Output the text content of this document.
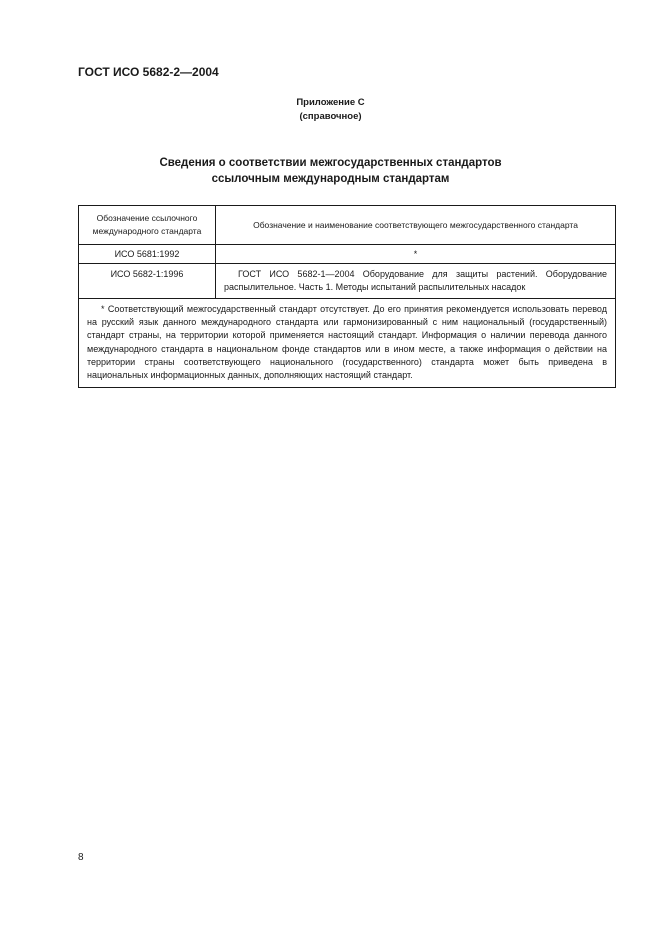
ГОСТ ИСО 5682-2—2004
Приложение С
(справочное)
Сведения о соответствии межгосударственных стандартов
ссылочным международным стандартам
Обозначение ссылочного
международного стандарта	Обозначение и наименование соответствующего межгосударственного стандарта
ИСО 5681:1992	*
ИСО 5682-1:1996	ГОСТ ИСО 5682-1—2004 Оборудование для защиты растений. Оборудование распылительное. Часть 1. Методы испытаний распылительных насадок

* Соответствующий межгосударственный стандарт отсутствует. До его принятия рекомендуется использовать перевод на русский язык данного международного стандарта или гармонизированный с ним национальный (государственный) стандарт страны, на территории которой применяется настоящий стандарт. Информация о наличии перевода данного международного стандарта в национальном фонде стандартов или в ином месте, а также информация о действии на территории страны соответствующего национального (государственного) стандарта может быть приведена в национальных информационных данных, дополняющих настоящий стандарт.	
8
